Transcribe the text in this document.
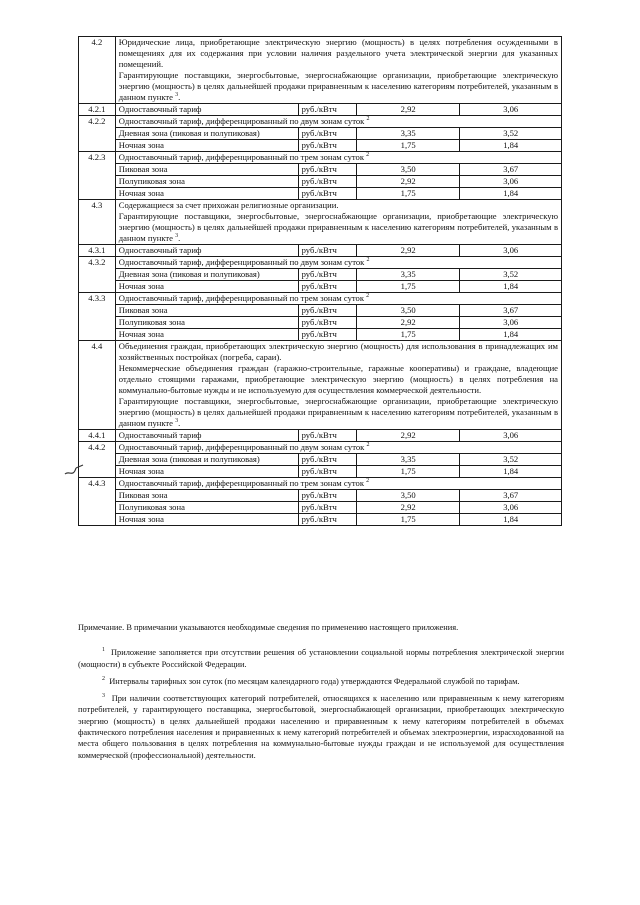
4.2	Юридические лица, приобретающие электрическую энергию (мощность) в целях потребления осужденными в помещениях для их содержания при условии наличия раздельного учета электрической энергии для указанных помещений.

Гарантирующие поставщики, энергосбытовые, энергоснабжающие организации, приобретающие электрическую энергию (мощность) в целях дальнейшей продажи приравненным к населению категориям потребителей, указанным в данном пункте $^3$.			

4.2.1	Одноставочный тариф	руб./кВтч	2,92	3,06
4.2.2	Одноставочный тариф, дифференцированный по двум зонам суток $^2$
	Дневная зона (пиковая и полупиковая)	руб./кВтч	3,35	3,52
	Ночная зона	руб./кВтч	1,75	1,84
4.2.3	Одноставочный тариф, дифференцированный по трем зонам суток $^2$
	Пиковая зона	руб./кВтч	3,50	3,67
	Полупиковая зона	руб./кВтч	2,92	3,06
	Ночная зона	руб./кВтч	1,75	1,84
4.3	Содержащиеся за счет прихожан религиозные организации.

Гарантирующие поставщики, энергосбытовые, энергоснабжающие организации, приобретающие электрическую энергию (мощность) в целях дальнейшей продажи приравненным к населению категориям потребителей, указанным в данном пункте $^3$.			

4.3.1	Одноставочный тариф	руб./кВтч	2,92	3,06
4.3.2	Одноставочный тариф, дифференцированный по двум зонам суток $^2$
	Дневная зона (пиковая и полупиковая)	руб./кВтч	3,35	3,52
	Ночная зона	руб./кВтч	1,75	1,84
4.3.3	Одноставочный тариф, дифференцированный по трем зонам суток $^2$
	Пиковая зона	руб./кВтч	3,50	3,67
	Полупиковая зона	руб./кВтч	2,92	3,06
	Ночная зона	руб./кВтч	1,75	1,84
4.4	Объединения граждан, приобретающих электрическую энергию (мощность) для использования в принадлежащих им хозяйственных постройках (погреба, сараи).

Некоммерческие объединения граждан (гаражно-строительные, гаражные кооперативы) и граждане, владеющие отдельно стоящими гаражами, приобретающие электрическую энергию (мощность) в целях потребления на коммунально-бытовые нужды и не используемую для осуществления коммерческой деятельности.

Гарантирующие поставщики, энергосбытовые, энергоснабжающие организации, приобретающие электрическую энергию (мощность) в целях дальнейшей продажи приравненным к населению категориям потребителей, указанным в данном пункте $^3$.			

4.4.1	Одноставочный тариф	руб./кВтч	2,92	3,06
4.4.2	Одноставочный тариф, дифференцированный по двум зонам суток $^2$
	Дневная зона (пиковая и полупиковая)	руб./кВтч	3,35	3,52
	Ночная зона	руб./кВтч	1,75	1,84
4.4.3	Одноставочный тариф, дифференцированный по трем зонам суток $^2$
	Пиковая зона	руб./кВтч	3,50	3,67
	Полупиковая зона	руб./кВтч	2,92	3,06
	Ночная зона	руб./кВтч	1,75	1,84

Примечание. В примечании указываются необходимые сведения по применению настоящего приложения.

$^1$ Приложение заполняется при отсутствии решения об установлении социальной нормы потребления электрической энергии (мощности) в субъекте Российской Федерации.

$^2$ Интервалы тарифных зон суток (по месяцам календарного года) утверждаются Федеральной службой по тарифам.

$^3$ При наличии соответствующих категорий потребителей, относящихся к населению или приравненным к нему категориям потребителей, у гарантирующего поставщика, энергосбытовой, энергоснабжающей организации, приобретающих электрическую энергию (мощность) в целях дальнейшей продажи населению и приравненным к нему категориям потребителей в объемах фактического потребления населения и приравненных к нему категорий потребителей и объемах электроэнергии, израсходованной на места общего пользования в целях потребления на коммунально-бытовые нужды граждан и не используемой для осуществления коммерческой (профессиональной) деятельности.
